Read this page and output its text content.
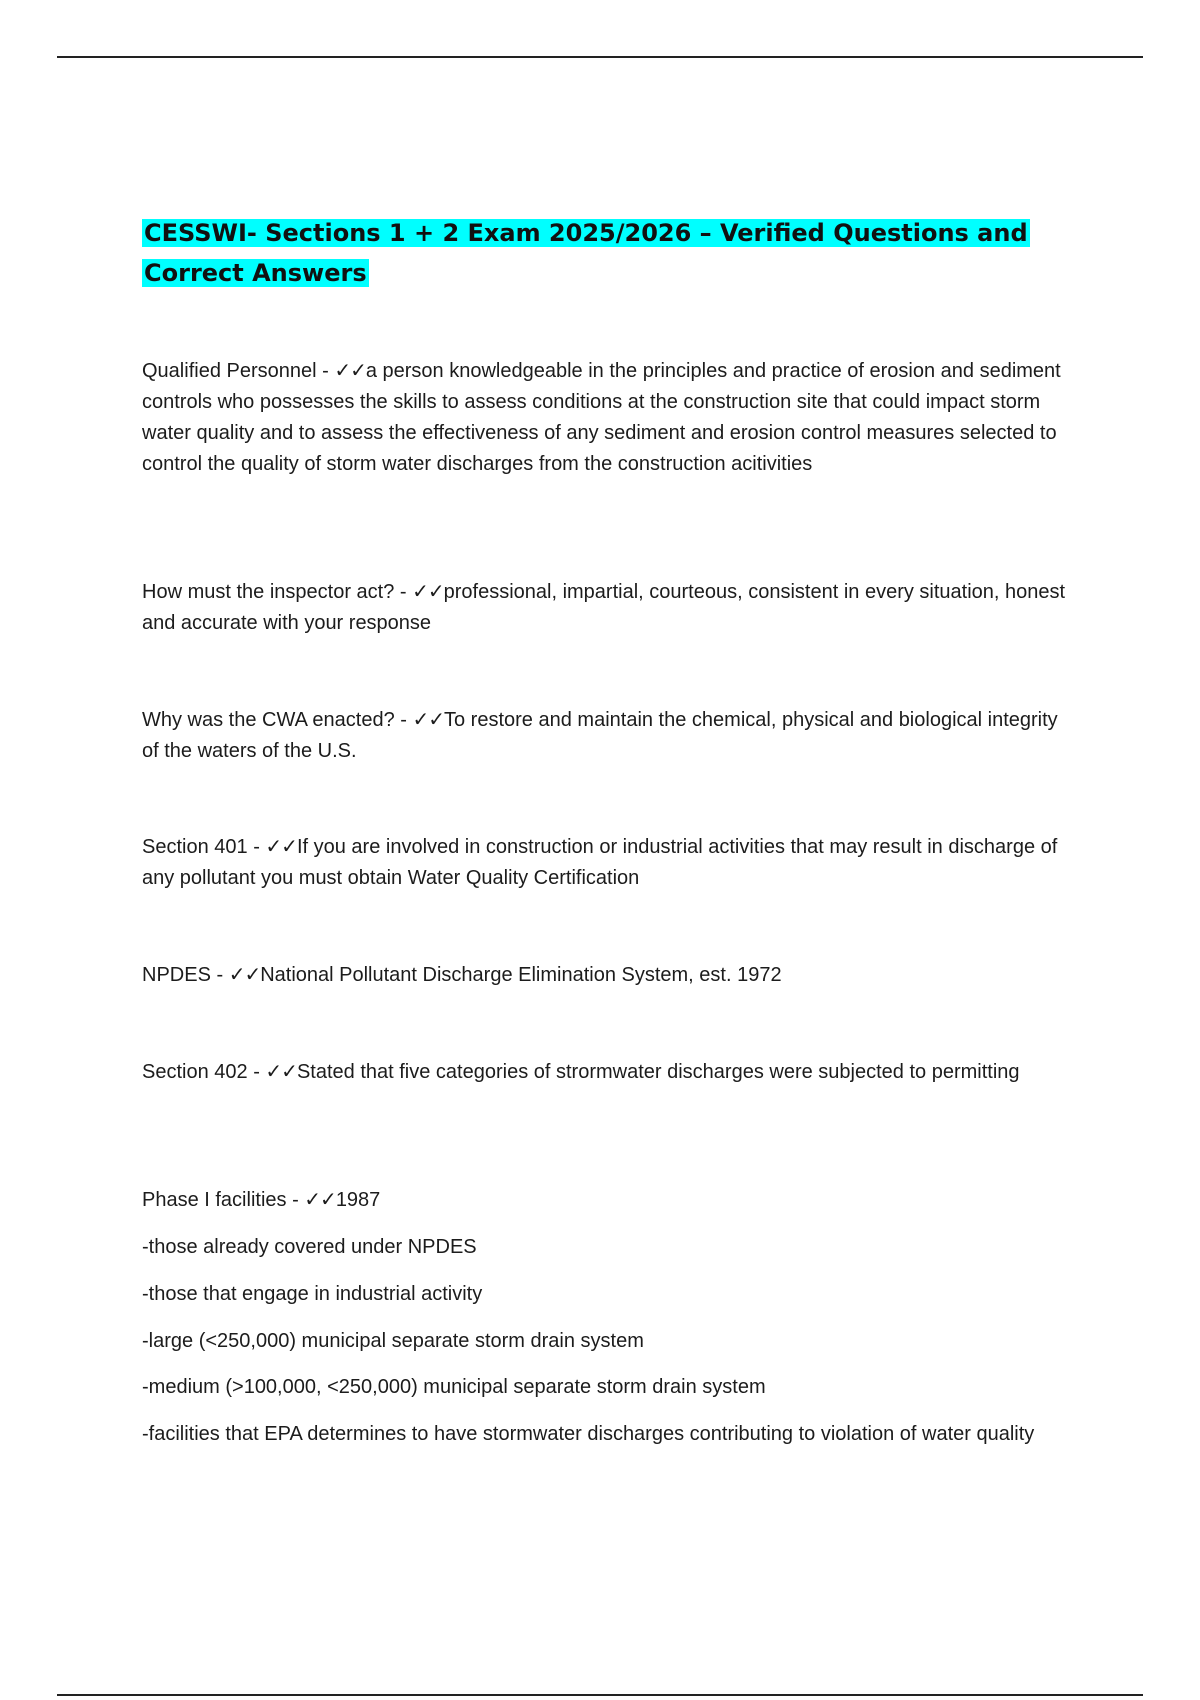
CESSWI- Sections 1 + 2 Exam 2025/2026 – Verified Questions and Correct Answers

Qualified Personnel - ✓✓a person knowledgeable in the principles and practice of erosion and sediment controls who possesses the skills to assess conditions at the construction site that could impact storm water quality and to assess the effectiveness of any sediment and erosion control measures selected to control the quality of storm water discharges from the construction acitivities

How must the inspector act? - ✓✓professional, impartial, courteous, consistent in every situation, honest and accurate with your response

Why was the CWA enacted? - ✓✓To restore and maintain the chemical, physical and biological integrity of the waters of the U.S.

Section 401 - ✓✓If you are involved in construction or industrial activities that may result in discharge of any pollutant you must obtain Water Quality Certification

NPDES - ✓✓National Pollutant Discharge Elimination System, est. 1972

Section 402 - ✓✓Stated that five categories of strormwater discharges were subjected to permitting

Phase I facilities - ✓✓1987

-those already covered under NPDES

-those that engage in industrial activity

-large (<250,000) municipal separate storm drain system

-medium (>100,000, <250,000) municipal separate storm drain system

-facilities that EPA determines to have stormwater discharges contributing to violation of water quality
